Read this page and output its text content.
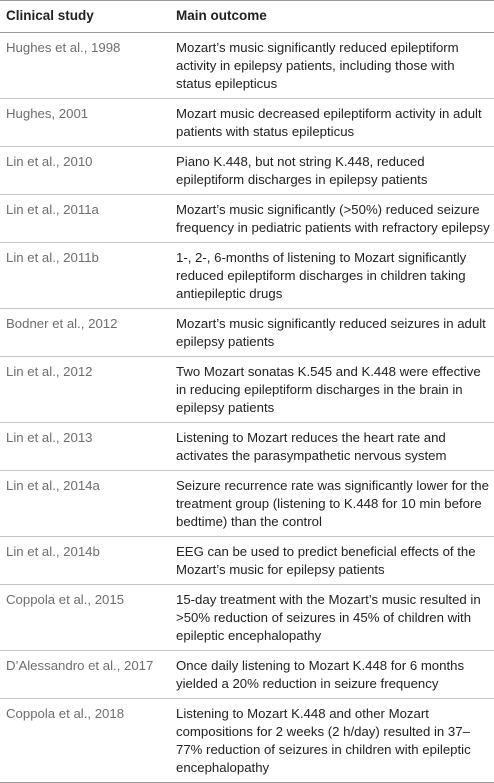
Clinical study	Main outcome
Hughes et al., 1998	Mozart’s music significantly reduced epileptiform activity in epilepsy patients, including those with status epilepticus
Hughes, 2001	Mozart music decreased epileptiform activity in adult patients with status epilepticus
Lin et al., 2010	Piano K.448, but not string K.448, reduced epileptiform discharges in epilepsy patients
Lin et al., 2011a	Mozart’s music significantly (>50%) reduced seizure frequency in pediatric patients with refractory epilepsy
Lin et al., 2011b	1-, 2-, 6-months of listening to Mozart significantly reduced epileptiform discharges in children taking antiepileptic drugs
Bodner et al., 2012	Mozart’s music significantly reduced seizures in adult epilepsy patients
Lin et al., 2012	Two Mozart sonatas K.545 and K.448 were effective in reducing epileptiform discharges in the brain in epilepsy patients
Lin et al., 2013	Listening to Mozart reduces the heart rate and activates the parasympathetic nervous system
Lin et al., 2014a	Seizure recurrence rate was significantly lower for the treatment group (listening to K.448 for 10 min before bedtime) than the control
Lin et al., 2014b	EEG can be used to predict beneficial effects of the Mozart’s music for epilepsy patients
Coppola et al., 2015	15-day treatment with the Mozart’s music resulted in >50% reduction of seizures in 45% of children with epileptic encephalopathy
D’Alessandro et al., 2017	Once daily listening to Mozart K.448 for 6 months yielded a 20% reduction in seizure frequency
Coppola et al., 2018	Listening to Mozart K.448 and other Mozart compositions for 2 weeks (2 h/day) resulted in 37–77% reduction of seizures in children with epileptic encephalopathy
